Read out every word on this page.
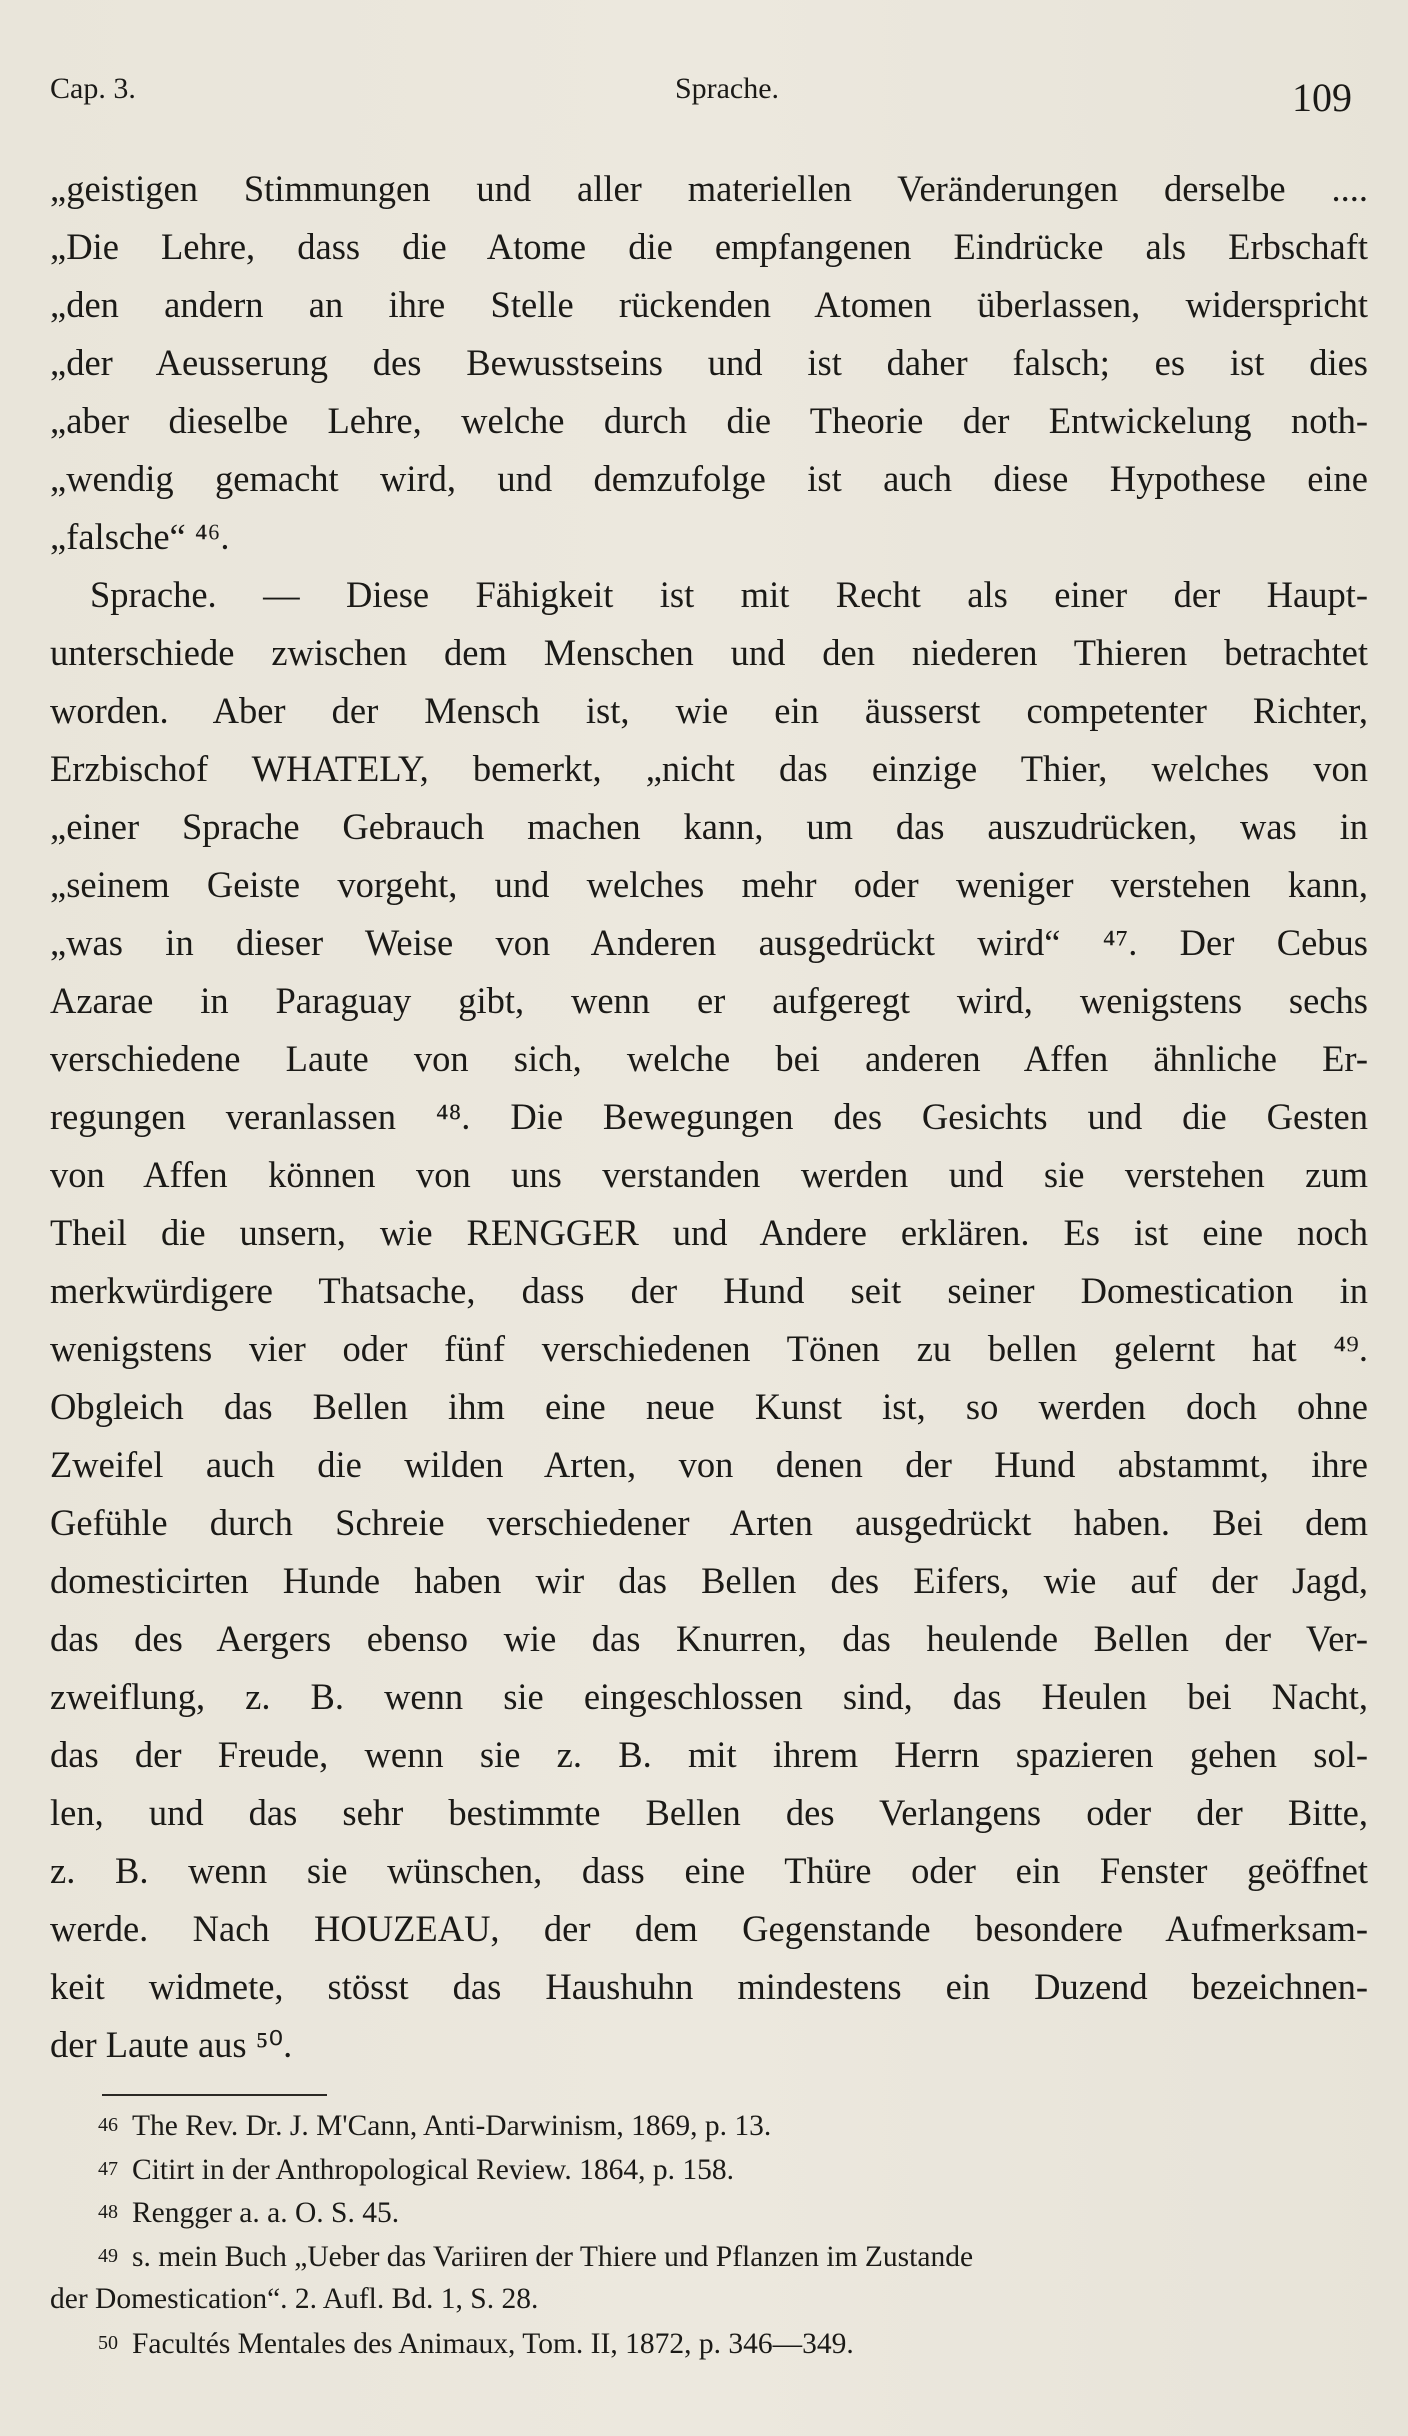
Cap. 3.	Sprache.	109
„geistigen Stimmungen und aller materiellen Veränderungen derselbe ....
„Die Lehre, dass die Atome die empfangenen Eindrücke als Erbschaft
„den andern an ihre Stelle rückenden Atomen überlassen, widerspricht
„der Aeusserung des Bewusstseins und ist daher falsch; es ist dies
„aber dieselbe Lehre, welche durch die Theorie der Entwickelung noth-
„wendig gemacht wird, und demzufolge ist auch diese Hypothese eine
„falsche“ ⁴⁶.
Sprache. — Diese Fähigkeit ist mit Recht als einer der Haupt-
unterschiede zwischen dem Menschen und den niederen Thieren betrachtet
worden. Aber der Mensch ist, wie ein äusserst competenter Richter,
Erzbischof WHATELY, bemerkt, „nicht das einzige Thier, welches von
„einer Sprache Gebrauch machen kann, um das auszudrücken, was in
„seinem Geiste vorgeht, und welches mehr oder weniger verstehen kann,
„was in dieser Weise von Anderen ausgedrückt wird“ ⁴⁷. Der Cebus
Azarae in Paraguay gibt, wenn er aufgeregt wird, wenigstens sechs
verschiedene Laute von sich, welche bei anderen Affen ähnliche Er-
regungen veranlassen ⁴⁸. Die Bewegungen des Gesichts und die Gesten
von Affen können von uns verstanden werden und sie verstehen zum
Theil die unsern, wie RENGGER und Andere erklären. Es ist eine noch
merkwürdigere Thatsache, dass der Hund seit seiner Domestication in
wenigstens vier oder fünf verschiedenen Tönen zu bellen gelernt hat ⁴⁹.
Obgleich das Bellen ihm eine neue Kunst ist, so werden doch ohne
Zweifel auch die wilden Arten, von denen der Hund abstammt, ihre
Gefühle durch Schreie verschiedener Arten ausgedrückt haben. Bei dem
domesticirten Hunde haben wir das Bellen des Eifers, wie auf der Jagd,
das des Aergers ebenso wie das Knurren, das heulende Bellen der Ver-
zweiflung, z. B. wenn sie eingeschlossen sind, das Heulen bei Nacht,
das der Freude, wenn sie z. B. mit ihrem Herrn spazieren gehen sol-
len, und das sehr bestimmte Bellen des Verlangens oder der Bitte,
z. B. wenn sie wünschen, dass eine Thüre oder ein Fenster geöffnet
werde. Nach HOUZEAU, der dem Gegenstande besondere Aufmerksam-
keit widmete, stösst das Haushuhn mindestens ein Duzend bezeichnen-
der Laute aus ⁵⁰.
46 The Rev. Dr. J. M'Cann, Anti-Darwinism, 1869, p. 13.
47 Citirt in der Anthropological Review. 1864, p. 158.
48 Rengger a. a. O. S. 45.
49 s. mein Buch „Ueber das Variiren der Thiere und Pflanzen im Zustande
der Domestication“. 2. Aufl. Bd. 1, S. 28.
50 Facultés Mentales des Animaux, Tom. II, 1872, p. 346—349.
